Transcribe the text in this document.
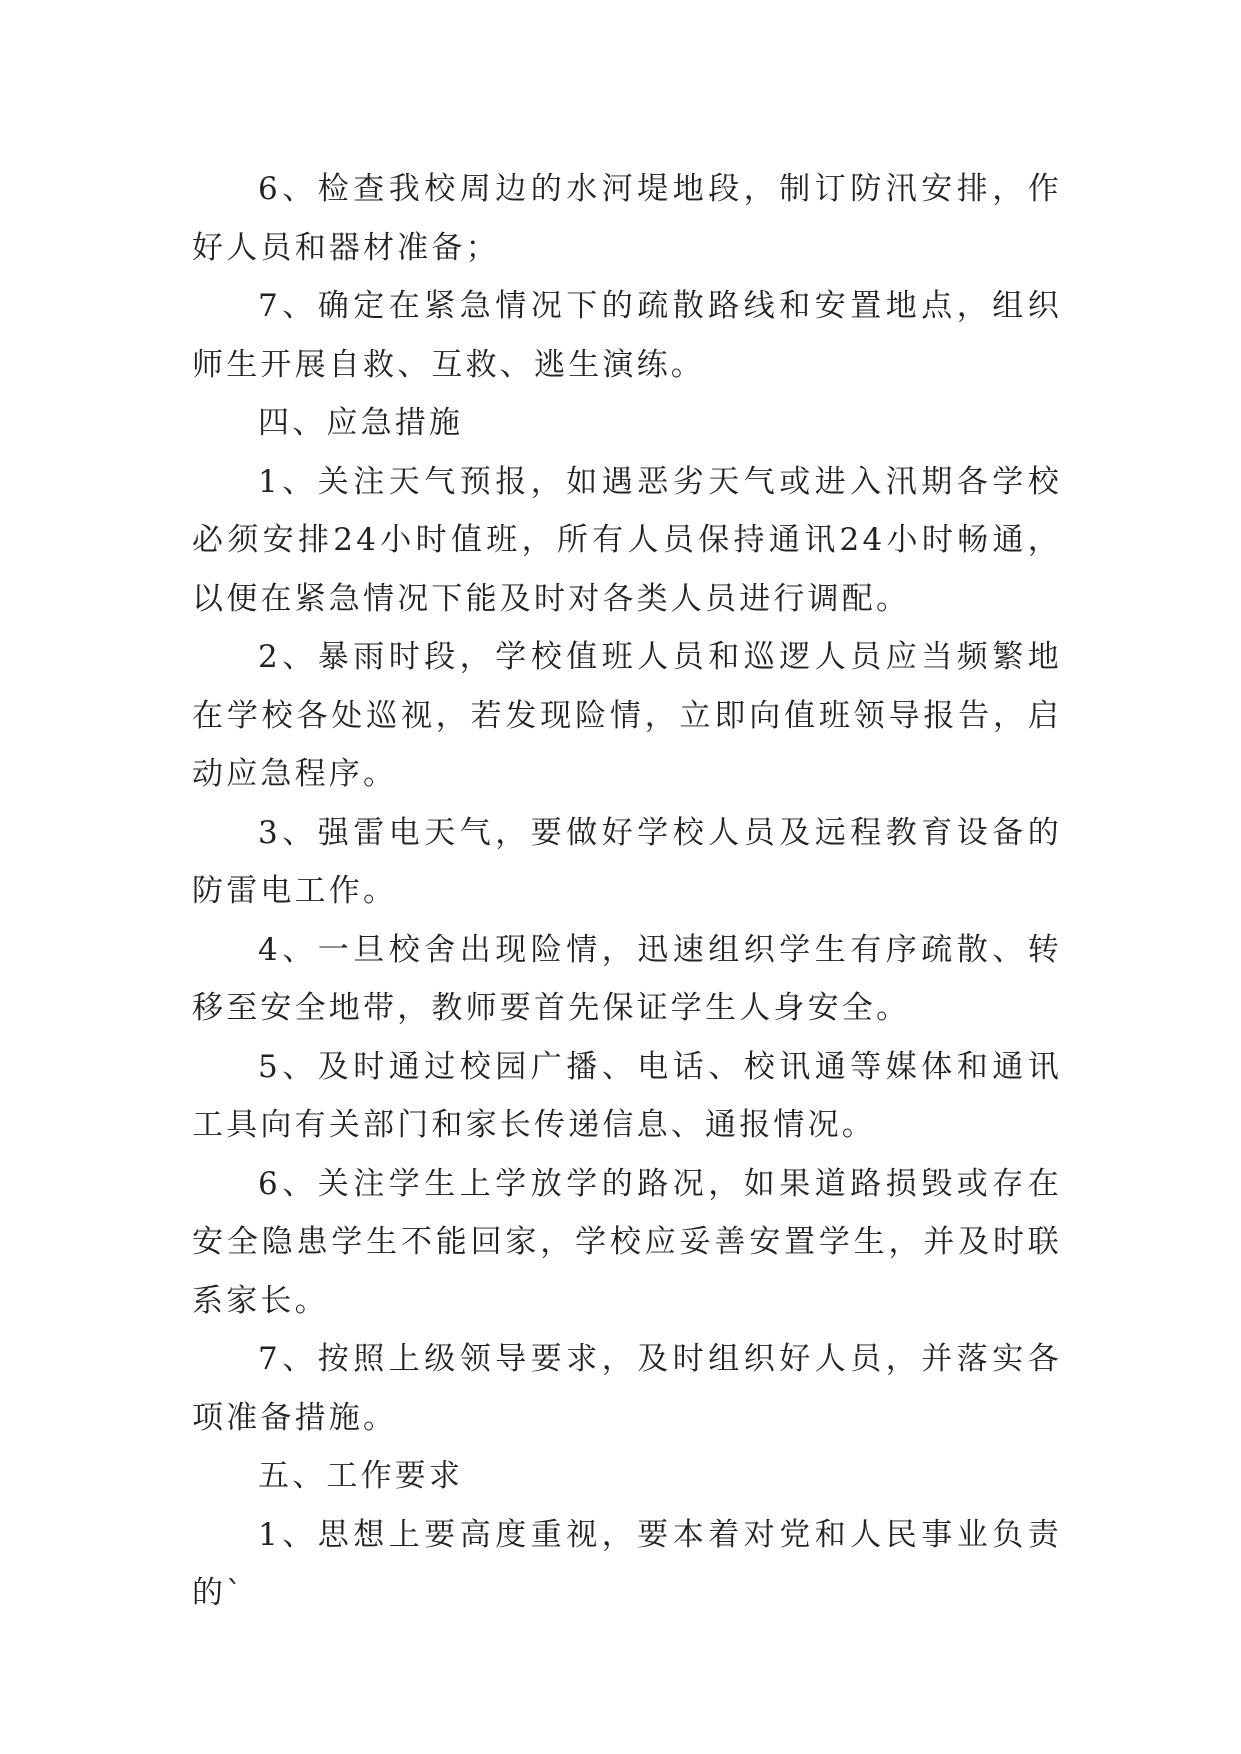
6、检查我校周边的水河堤地段，制订防汛安排，作好人员和器材准备；

7、确定在紧急情况下的疏散路线和安置地点，组织师生开展自救、互救、逃生演练。

四、应急措施

1、关注天气预报，如遇恶劣天气或进入汛期各学校必须安排24小时值班，所有人员保持通讯24小时畅通，以便在紧急情况下能及时对各类人员进行调配。

2、暴雨时段，学校值班人员和巡逻人员应当频繁地在学校各处巡视，若发现险情，立即向值班领导报告，启动应急程序。

3、强雷电天气，要做好学校人员及远程教育设备的防雷电工作。

4、一旦校舍出现险情，迅速组织学生有序疏散、转移至安全地带，教师要首先保证学生人身安全。

5、及时通过校园广播、电话、校讯通等媒体和通讯工具向有关部门和家长传递信息、通报情况。

6、关注学生上学放学的路况，如果道路损毁或存在安全隐患学生不能回家，学校应妥善安置学生，并及时联系家长。

7、按照上级领导要求，及时组织好人员，并落实各项准备措施。

五、工作要求

1、思想上要高度重视，要本着对党和人民事业负责的`
